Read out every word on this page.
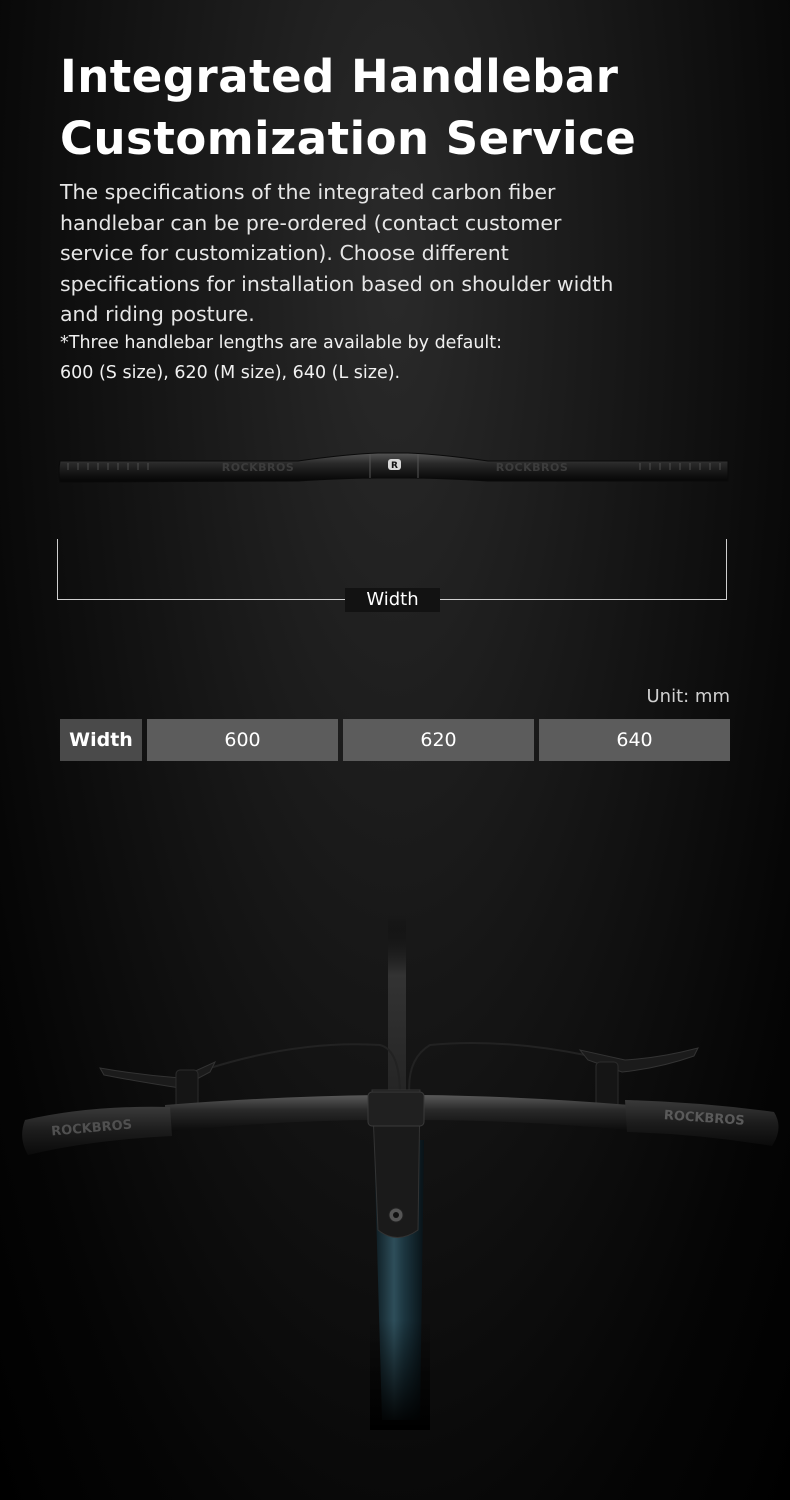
Integrated Handlebar
Customization Service
The specifications of the integrated carbon fiber handlebar can be pre-ordered (contact customer service for customization). Choose different specifications for installation based on shoulder width and riding posture.
*Three handlebar lengths are available by default:
600 (S size), 620 (M size), 640 (L size).
ROCKBROS	ROCKBROS
R
Width
Unit: mm
Width	600	620	640
ROCKBROS	ROCKBROS
